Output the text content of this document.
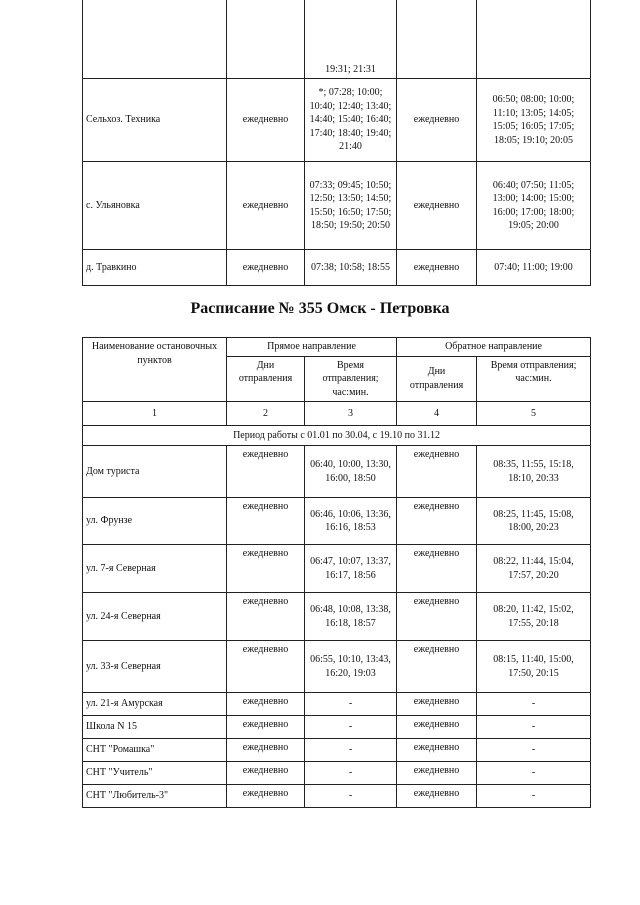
		19:31; 21:31		
Сельхоз. Техника	ежедневно	*; 07:28; 10:00; 10:40; 12:40; 13:40; 14:40; 15:40; 16:40; 17:40; 18:40; 19:40; 21:40	ежедневно	06:50; 08:00; 10:00; 11:10; 13:05; 14:05; 15:05; 16:05; 17:05; 18:05; 19:10; 20:05
с. Ульяновка	ежедневно	07:33; 09:45; 10:50; 12:50; 13:50; 14:50; 15:50; 16:50; 17:50; 18:50; 19:50; 20:50	ежедневно	06:40; 07:50; 11:05; 13:00; 14:00; 15:00; 16:00; 17:00; 18:00; 19:05; 20:00
д. Травкино	ежедневно	07:38; 10:58; 18:55	ежедневно	07:40; 11:00; 19:00
Расписание № 355 Омск - Петровка
Наименование остановочных пунктов	Прямое направление		Обратное направление	
	Дни отправления	Время отправления; час:мин.	Дни отправления	Время отправления; час:мин.
1	2	3	4	5
Период работы с 01.01 по 30.04, с 19.10 по 31.12				
Дом туриста	ежедневно	06:40, 10:00, 13:30, 16:00, 18:50	ежедневно	08:35, 11:55, 15:18, 18:10, 20:33
ул. Фрунзе	ежедневно	06:46, 10:06, 13:36, 16:16, 18:53	ежедневно	08:25, 11:45, 15:08, 18:00, 20:23
ул. 7-я Северная	ежедневно	06:47, 10:07, 13:37, 16:17, 18:56	ежедневно	08:22, 11:44, 15:04, 17:57, 20:20
ул. 24-я Северная	ежедневно	06:48, 10:08, 13:38, 16:18, 18:57	ежедневно	08:20, 11:42, 15:02, 17:55, 20:18
ул. 33-я Северная	ежедневно	06:55, 10:10, 13:43, 16:20, 19:03	ежедневно	08:15, 11:40, 15:00, 17:50, 20:15
ул. 21-я Амурская	ежедневно	-	ежедневно	-
Школа N 15	ежедневно	-	ежедневно	-
СНТ "Ромашка"	ежедневно	-	ежедневно	-
СНТ "Учитель"	ежедневно	-	ежедневно	-
СНТ "Любитель-3"	ежедневно	-	ежедневно	-
